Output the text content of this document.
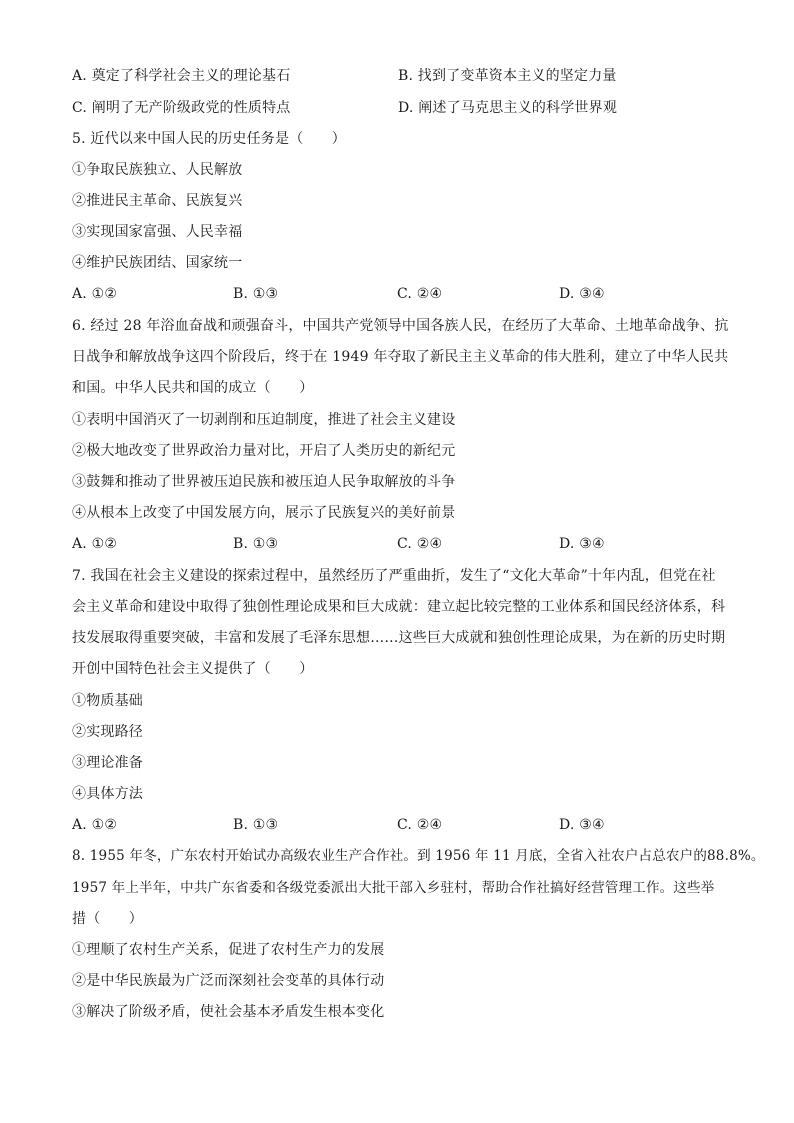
A. 奠定了科学社会主义的理论基石	B. 找到了变革资本主义的坚定力量
C. 阐明了无产阶级政党的性质特点	D. 阐述了马克思主义的科学世界观
5. 近代以来中国人民的历史任务是（　　）
①争取民族独立、人民解放
②推进民主革命、民族复兴
③实现国家富强、人民幸福
④维护民族团结、国家统一
A. ①②	B. ①③	C. ②④	D. ③④
6. 经过 28 年浴血奋战和顽强奋斗，中国共产党领导中国各族人民，在经历了大革命、土地革命战争、抗
日战争和解放战争这四个阶段后，终于在 1949 年夺取了新民主主义革命的伟大胜利，建立了中华人民共
和国。中华人民共和国的成立（　　）
①表明中国消灭了一切剥削和压迫制度，推进了社会主义建设
②极大地改变了世界政治力量对比，开启了人类历史的新纪元
③鼓舞和推动了世界被压迫民族和被压迫人民争取解放的斗争
④从根本上改变了中国发展方向，展示了民族复兴的美好前景
A. ①②	B. ①③	C. ②④	D. ③④
7. 我国在社会主义建设的探索过程中，虽然经历了严重曲折，发生了“文化大革命”十年内乱，但党在社
会主义革命和建设中取得了独创性理论成果和巨大成就：建立起比较完整的工业体系和国民经济体系，科
技发展取得重要突破，丰富和发展了毛泽东思想……这些巨大成就和独创性理论成果，为在新的历史时期
开创中国特色社会主义提供了（　　）
①物质基础
②实现路径
③理论准备
④具体方法
A. ①②	B. ①③	C. ②④	D. ③④
8. 1955 年冬，广东农村开始试办高级农业生产合作社。到 1956 年 11 月底，全省入社农户占总农户的88.8%。
1957 年上半年，中共广东省委和各级党委派出大批干部入乡驻村，帮助合作社搞好经营管理工作。这些举
措（　　）
①理顺了农村生产关系，促进了农村生产力的发展
②是中华民族最为广泛而深刻社会变革的具体行动
③解决了阶级矛盾，使社会基本矛盾发生根本变化
